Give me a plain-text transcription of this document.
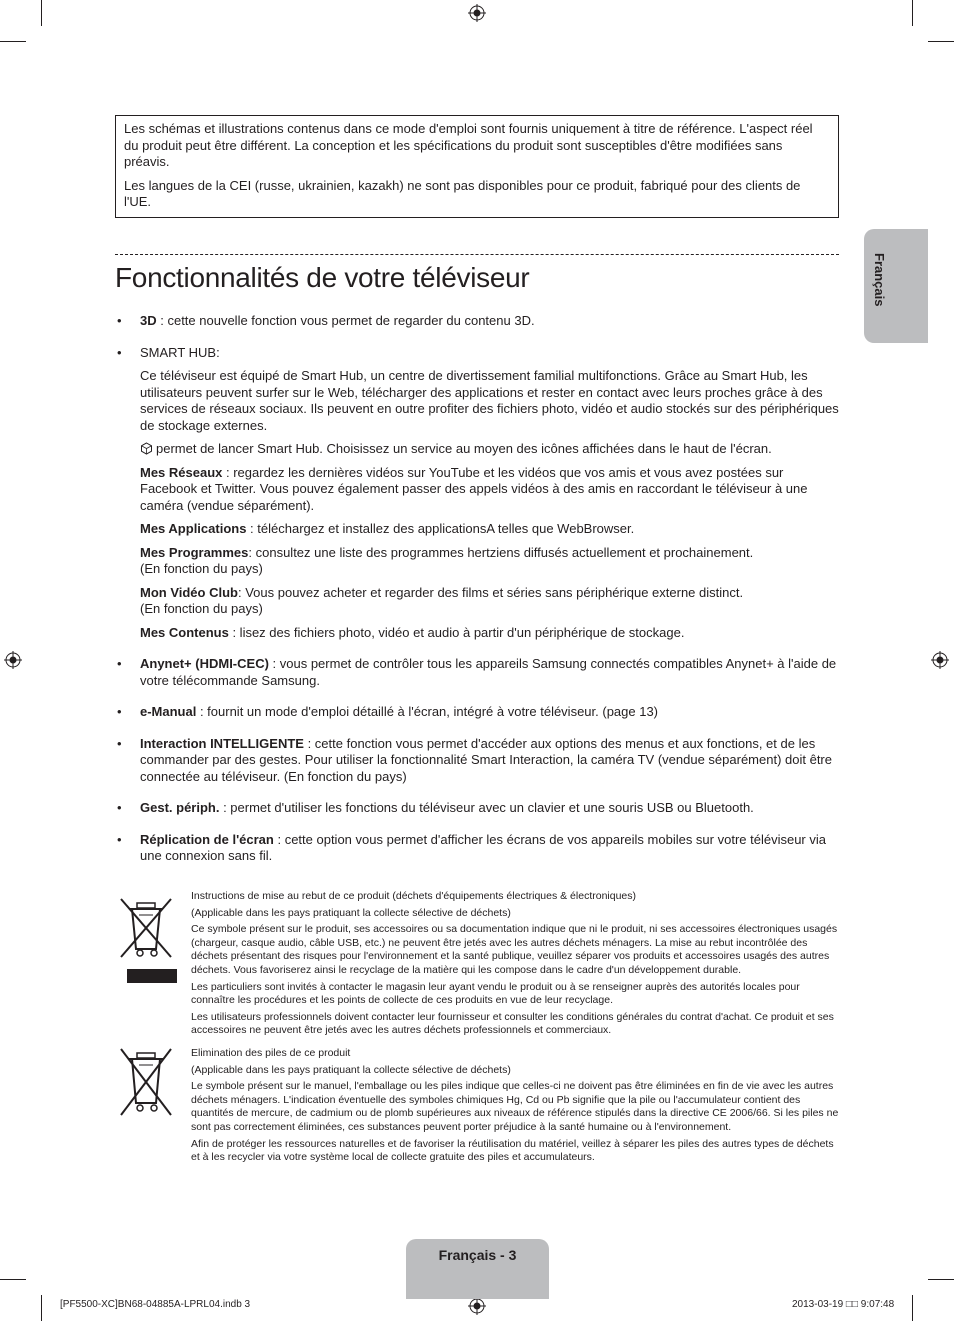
Les schémas et illustrations contenus dans ce mode d'emploi sont fournis uniquement à titre de référence. L'aspect réel du produit peut être différent. La conception et les spécifications du produit sont susceptibles d'être modifiées sans préavis.

Les langues de la CEI (russe, ukrainien, kazakh) ne sont pas disponibles pour ce produit, fabriqué pour des clients de l'UE.

Fonctionnalités de votre téléviseur	Français
• 3D : cette nouvelle fonction vous permet de regarder du contenu 3D.

• SMART HUB:

Ce téléviseur est équipé de Smart Hub, un centre de divertissement familial multifonctions. Grâce au Smart Hub, les utilisateurs peuvent surfer sur le Web, télécharger des applications et rester en contact avec leurs proches grâce à des services de réseaux sociaux. Ils peuvent en outre profiter des fichiers photo, vidéo et audio stockés sur des périphériques de stockage externes.

permet de lancer Smart Hub. Choisissez un service au moyen des icônes affichées dans le haut de l'écran.

Mes Réseaux : regardez les dernières vidéos sur YouTube et les vidéos que vos amis et vous avez postées sur Facebook et Twitter. Vous pouvez également passer des appels vidéos à des amis en raccordant le téléviseur à une caméra (vendue séparément).

Mes Applications : téléchargez et installez des applicationsA telles que WebBrowser.

Mes Programmes: consultez une liste des programmes hertziens diffusés actuellement et prochainement.
(En fonction du pays)

Mon Vidéo Club: Vous pouvez acheter et regarder des films et séries sans périphérique externe distinct.
(En fonction du pays)

Mes Contenus : lisez des fichiers photo, vidéo et audio à partir d'un périphérique de stockage.

• Anynet+ (HDMI-CEC) : vous permet de contrôler tous les appareils Samsung connectés compatibles Anynet+ à l'aide de votre télécommande Samsung.

• e-Manual : fournit un mode d'emploi détaillé à l'écran, intégré à votre téléviseur. (page 13)

• Interaction INTELLIGENTE : cette fonction vous permet d'accéder aux options des menus et aux fonctions, et de les commander par des gestes. Pour utiliser la fonctionnalité Smart Interaction, la caméra TV (vendue séparément) doit être connectée au téléviseur. (En fonction du pays)

• Gest. périph. : permet d'utiliser les fonctions du téléviseur avec un clavier et une souris USB ou Bluetooth.

• Réplication de l'écran : cette option vous permet d'afficher les écrans de vos appareils mobiles sur votre téléviseur via une connexion sans fil.

Instructions de mise au rebut de ce produit (déchets d'équipements électriques & électroniques)

(Applicable dans les pays pratiquant la collecte sélective de déchets)

Ce symbole présent sur le produit, ses accessoires ou sa documentation indique que ni le produit, ni ses accessoires électroniques usagés (chargeur, casque audio, câble USB, etc.) ne peuvent être jetés avec les autres déchets ménagers. La mise au rebut incontrôlée des déchets présentant des risques pour l'environnement et la santé publique, veuillez séparer vos produits et accessoires usagés des autres déchets. Vous favoriserez ainsi le recyclage de la matière qui les compose dans le cadre d'un développement durable.

Les particuliers sont invités à contacter le magasin leur ayant vendu le produit ou à se renseigner auprès des autorités locales pour connaître les procédures et les points de collecte de ces produits en vue de leur recyclage.

Les utilisateurs professionnels doivent contacter leur fournisseur et consulter les conditions générales du contrat d'achat. Ce produit et ses accessoires ne peuvent être jetés avec les autres déchets professionnels et commerciaux.

Elimination des piles de ce produit

(Applicable dans les pays pratiquant la collecte sélective de déchets)

Le symbole présent sur le manuel, l'emballage ou les piles indique que celles-ci ne doivent pas être éliminées en fin de vie avec les autres déchets ménagers. L'indication éventuelle des symboles chimiques Hg, Cd ou Pb signifie que la pile ou l'accumulateur contient des quantités de mercure, de cadmium ou de plomb supérieures aux niveaux de référence stipulés dans la directive CE 2006/66. Si les piles ne sont pas correctement éliminées, ces substances peuvent porter préjudice à la santé humaine ou à l'environnement.

Afin de protéger les ressources naturelles et de favoriser la réutilisation du matériel, veillez à séparer les piles des autres types de déchets et à les recycler via votre système local de collecte gratuite des piles et accumulateurs.

Français - 3
[PF5500-XC]BN68-04885A-LPRL04.indb 3	2013-03-19 □□ 9:07:48
